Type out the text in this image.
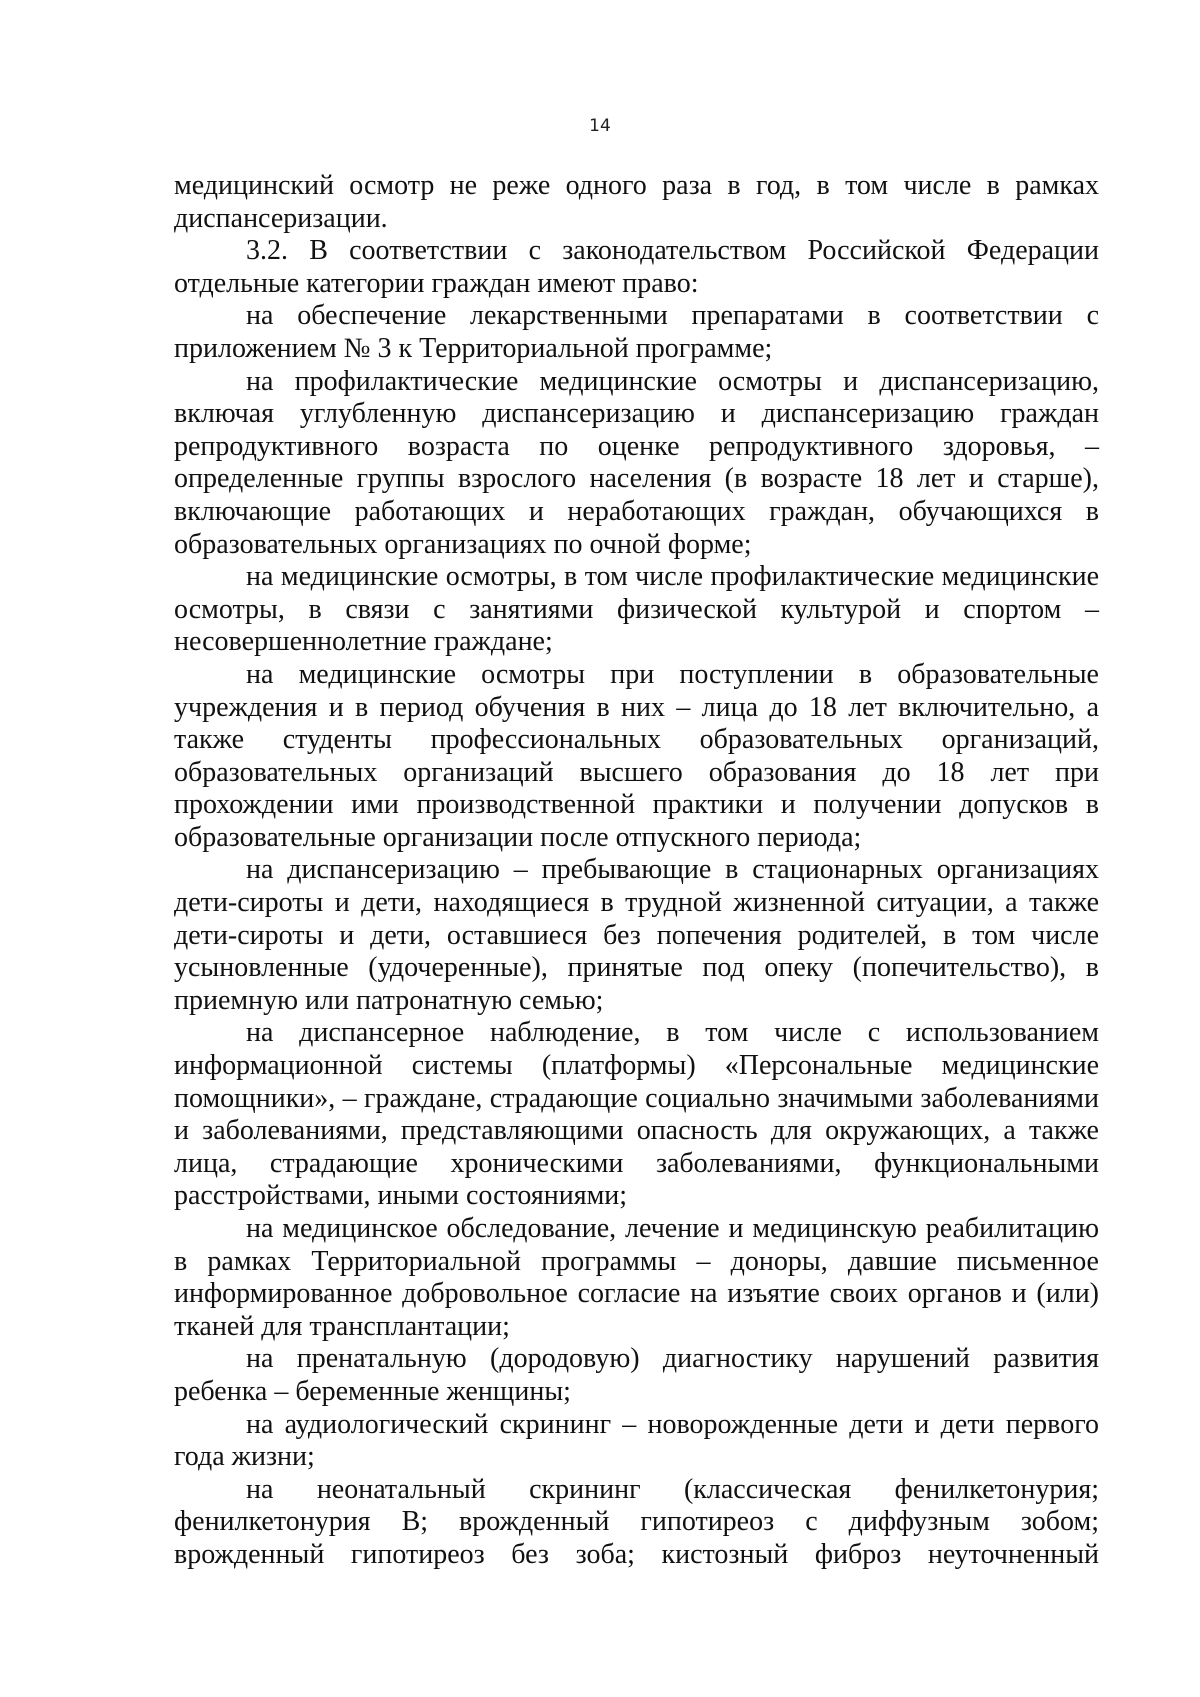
14

медицинский осмотр не реже одного раза в год, в том числе в рамках диспансеризации.

3.2. В соответствии с законодательством Российской Федерации отдельные категории граждан имеют право:

на обеспечение лекарственными препаратами в соответствии с приложением № 3 к Территориальной программе;

на профилактические медицинские осмотры и диспансеризацию, включая углубленную диспансеризацию и диспансеризацию граждан репродуктивного возраста по оценке репродуктивного здоровья, – определенные группы взрослого населения (в возрасте 18 лет и старше), включающие работающих и неработающих граждан, обучающихся в образовательных организациях по очной форме;

на медицинские осмотры, в том числе профилактические медицинские осмотры, в связи с занятиями физической культурой и спортом – несовершеннолетние граждане;

на медицинские осмотры при поступлении в образовательные учреждения и в период обучения в них – лица до 18 лет включительно, а также студенты профессиональных образовательных организаций, образовательных организаций высшего образования до 18 лет при прохождении ими производственной практики и получении допусков в образовательные организации после отпускного периода;

на диспансеризацию – пребывающие в стационарных организациях дети-сироты и дети, находящиеся в трудной жизненной ситуации, а также дети-сироты и дети, оставшиеся без попечения родителей, в том числе усыновленные (удочеренные), принятые под опеку (попечительство), в приемную или патронатную семью;

на диспансерное наблюдение, в том числе с использованием информационной системы (платформы) «Персональные медицинские помощники», – граждане, страдающие социально значимыми заболеваниями и заболеваниями, представляющими опасность для окружающих, а также лица, страдающие хроническими заболеваниями, функциональными расстройствами, иными состояниями;

на медицинское обследование, лечение и медицинскую реабилитацию в рамках Территориальной программы – доноры, давшие письменное информированное добровольное согласие на изъятие своих органов и (или) тканей для трансплантации;

на пренатальную (дородовую) диагностику нарушений развития ребенка – беременные женщины;

на аудиологический скрининг – новорожденные дети и дети первого года жизни;

на неонатальный скрининг (классическая фенилкетонурия; фенилкетонурия B; врожденный гипотиреоз с диффузным зобом; врожденный гипотиреоз без зоба; кистозный фиброз неуточненный
